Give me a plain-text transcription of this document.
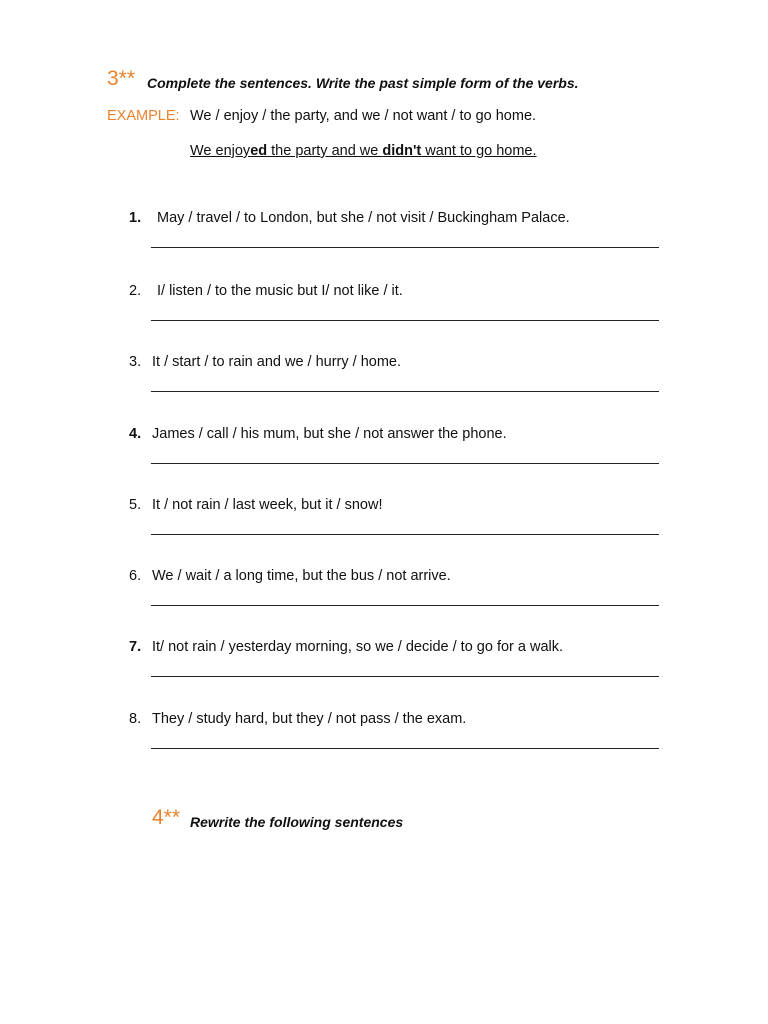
3** Complete the sentences. Write the past simple form of the verbs.
EXAMPLE: We / enjoy / the party, and we / not want / to go home.
We enjoyed the party and we didn't want to go home.
1. May / travel / to London, but she / not visit / Buckingham Palace.
2. I/ listen / to the music but I/ not like / it.
3. It / start / to rain and we / hurry / home.
4. James / call / his mum, but she / not answer the phone.
5. It / not rain / last week, but it / snow!
6. We / wait / a long time, but the bus / not arrive.
7. It/ not rain / yesterday morning, so we / decide / to go for a walk.
8. They / study hard, but they / not pass / the exam.
4** Rewrite the following sentences
